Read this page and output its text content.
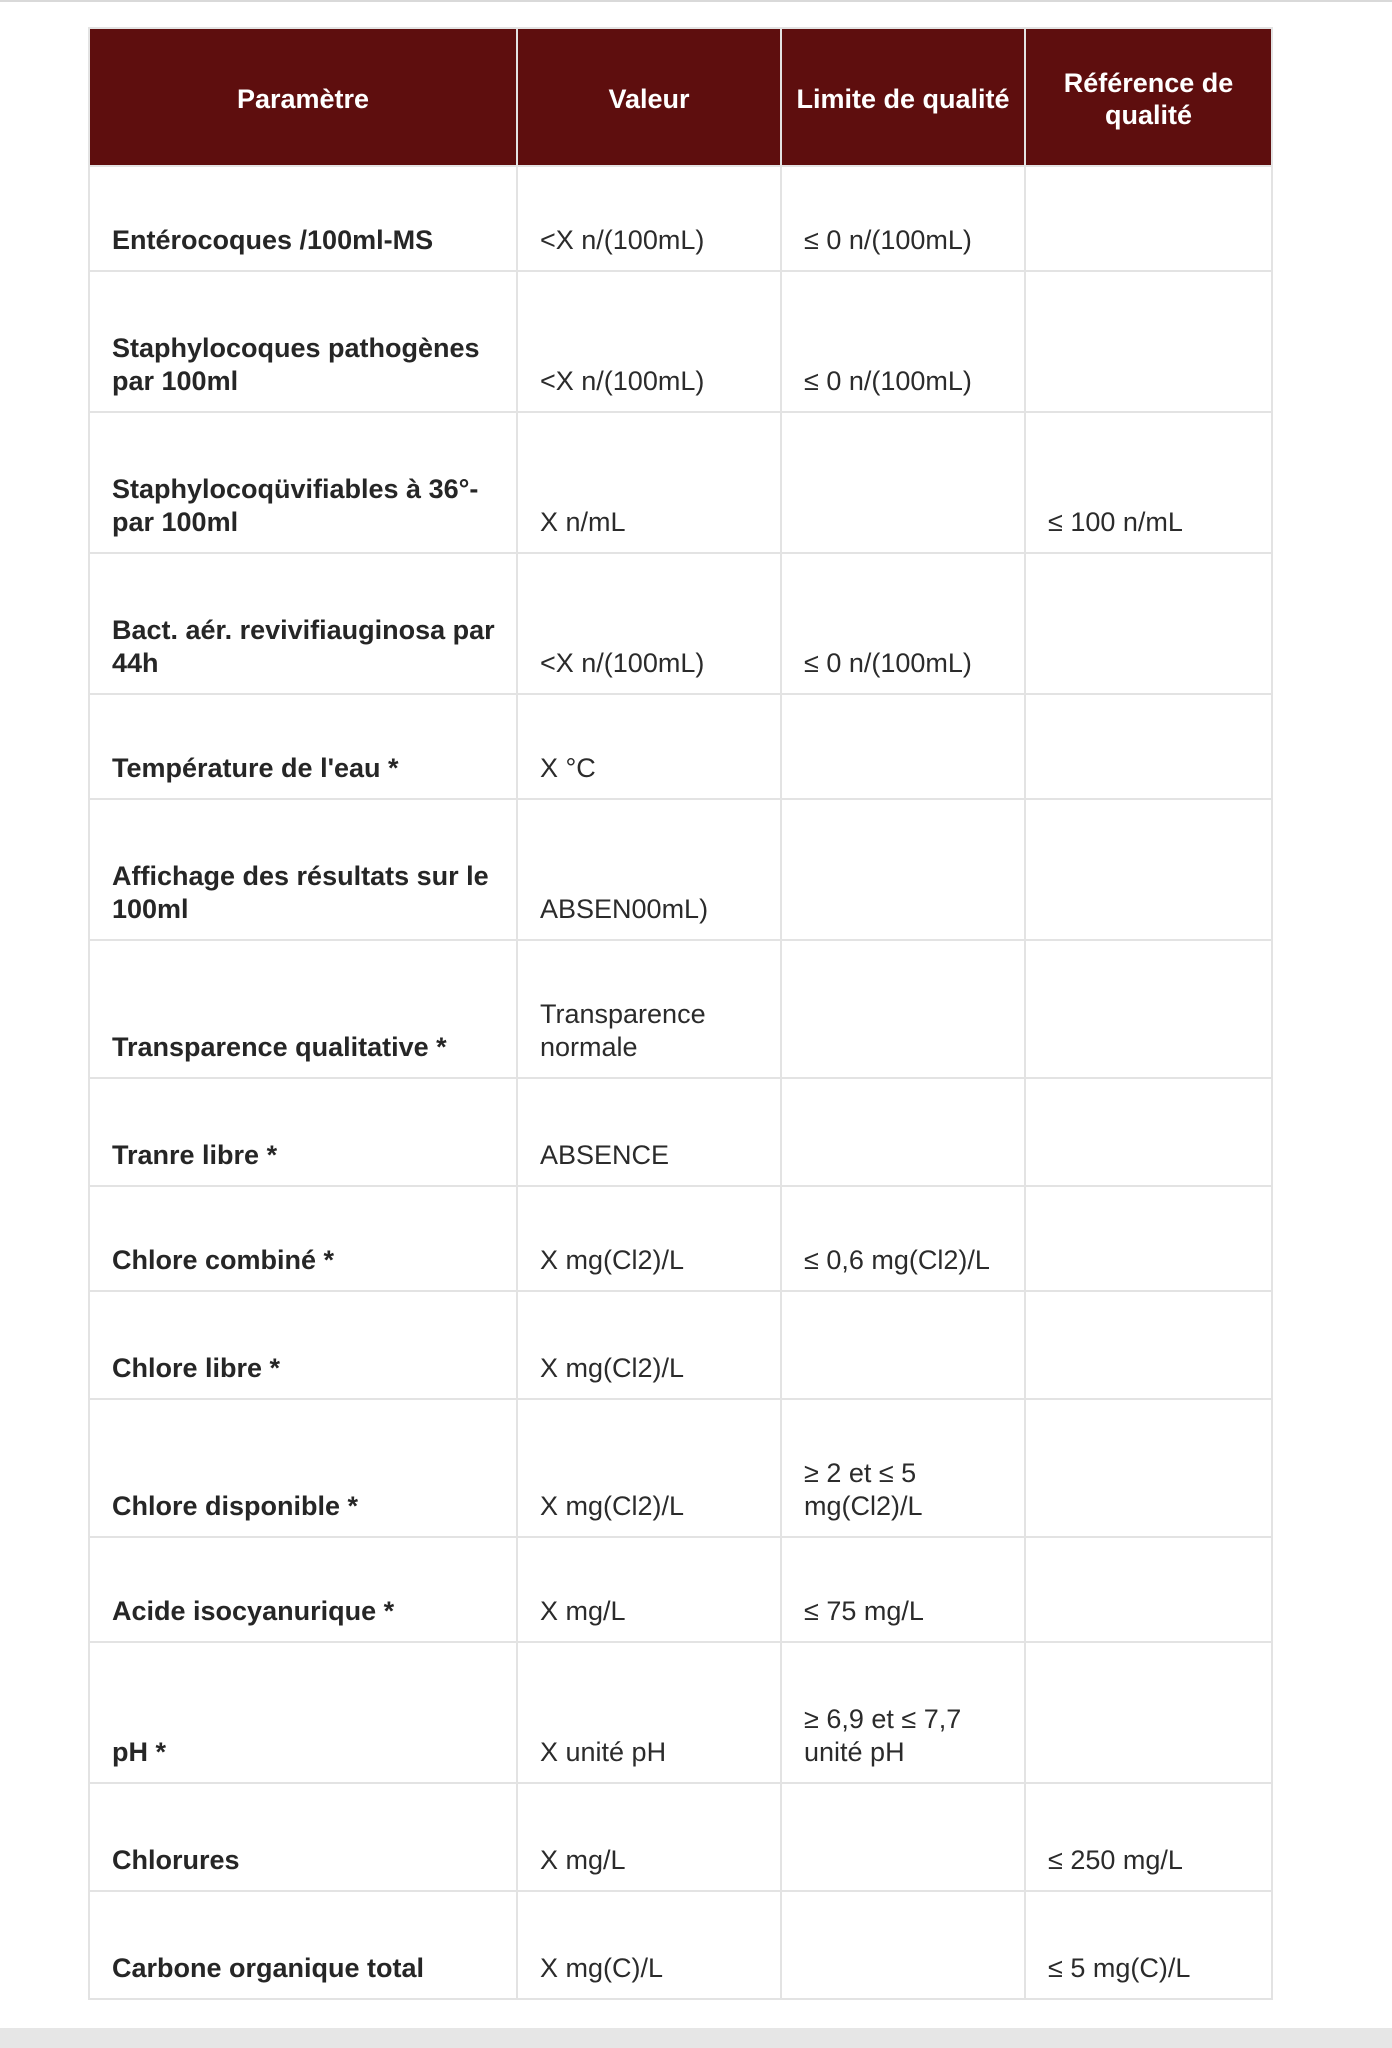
Paramètre	Valeur	Limite de qualité	Référence de qualité
Entérocoques /100ml-MS	<X n/(100mL)	≤ 0 n/(100mL)	
Staphylocoques pathogènes par 100ml	<X n/(100mL)	≤ 0 n/(100mL)	
Staphylocoqüvifiables à 36°- par 100ml	X n/mL		≤ 100 n/mL
Bact. aér. revivifiauginosa par 44h	<X n/(100mL)	≤ 0 n/(100mL)	
Température de l'eau *	X °C		
Affichage des résultats sur le 100ml	ABSEN00mL)		
Transparence qualitative *	Transparence normale		
Tranre libre *	ABSENCE		
Chlore combiné *	X mg(Cl2)/L	≤ 0,6 mg(Cl2)/L	
Chlore libre *	X mg(Cl2)/L		
Chlore disponible *	X mg(Cl2)/L	≥ 2 et ≤ 5 mg(Cl2)/L	
Acide isocyanurique *	X mg/L	≤ 75 mg/L	
pH *	X unité pH	≥ 6,9 et ≤ 7,7 unité pH	
Chlorures	X mg/L		≤ 250 mg/L
Carbone organique total	X mg(C)/L		≤ 5 mg(C)/L
